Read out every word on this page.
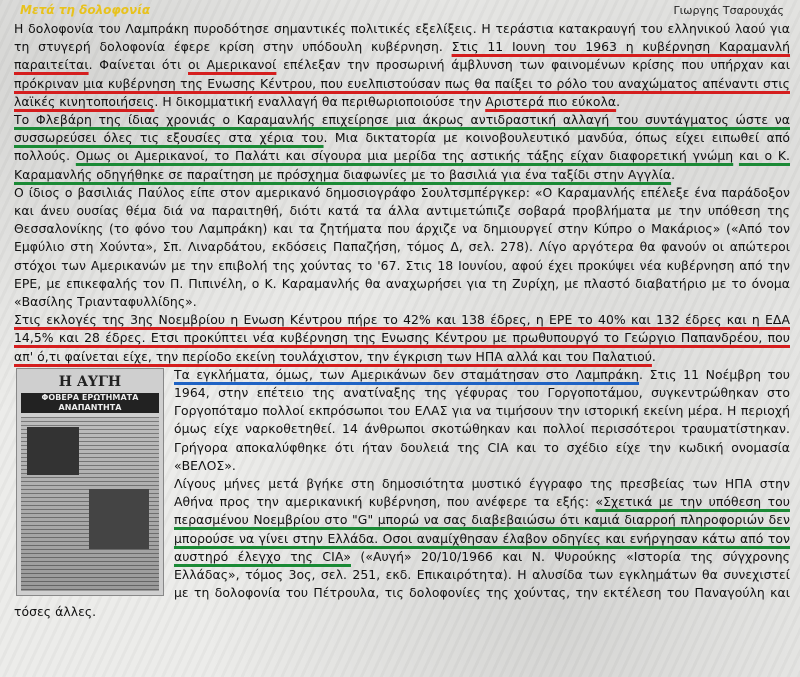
Μετά τη δολοφονία	Γιωργης Τσαρουχάς

Η δολοφονία του Λαμπράκη πυροδότησε σημαντικές πολιτικές εξελίξεις. Η τεράστια κατακραυγή του ελληνικού λαού για τη στυγερή δολοφονία έφερε κρίση στην υπόδουλη κυβέρνηση. Στις 11 Ιουνη του 1963 η κυβέρνηση Καραμανλή παραιτείται. Φαίνεται ότι οι Αμερικανοί επέλεξαν την προσωρινή άμβλυνση των φαινομένων κρίσης που υπήρχαν και πρόκριναν μια κυβέρνηση της Ενωσης Κέντρου, που ευελπιστούσαν πως θα παίξει το ρόλο του αναχώματος απέναντι στις λαϊκές κινητοποιήσεις. Η δικομματική εναλλαγή θα περιθωριοποιούσε την Αριστερά πιο εύκολα.

Το Φλεβάρη της ίδιας χρονιάς ο Καραμανλής επιχείρησε μια άκρως αντιδραστική αλλαγή του συντάγματος ώστε να συσσωρεύσει όλες τις εξουσίες στα χέρια του. Μια δικτατορία με κοινοβουλευτικό μανδύα, όπως είχει ειπωθεί από πολλούς. Ομως οι Αμερικανοί, το Παλάτι και σίγουρα μια μερίδα της αστικής τάξης είχαν διαφορετική γνώμη και ο Κ. Καραμανλής οδηγήθηκε σε παραίτηση με πρόσχημα διαφωνίες με το βασιλιά για ένα ταξίδι στην Αγγλία.

Ο ίδιος ο βασιλιάς Παύλος είπε στον αμερικανό δημοσιογράφο Σουλτσμπέργκερ: «Ο Καραμανλής επέλεξε ένα παράδοξον και άνευ ουσίας θέμα διά να παραιτηθή, διότι κατά τα άλλα αντιμετώπιζε σοβαρά προβλήματα με την υπόθεση της Θεσσαλονίκης (το φόνο του Λαμπράκη) και τα ζητήματα που άρχιζε να δημιουργεί στην Κύπρο ο Μακάριος» («Από τον Εμφύλιο στη Χούντα», Σπ. Λιναρδάτου, εκδόσεις Παπαζήση, τόμος Δ, σελ. 278). Λίγο αργότερα θα φανούν οι απώτεροι στόχοι των Αμερικανών με την επιβολή της χούντας το '67. Στις 18 Ιουνίου, αφού έχει προκύψει νέα κυβέρνηση από την ΕΡΕ, με επικεφαλής τον Π. Πιπινέλη, ο Κ. Καραμανλής θα αναχωρήσει για τη Ζυρίχη, με πλαστό διαβατήριο με το όνομα «Βασίλης Τριανταφυλλίδης».

Στις εκλογές της 3ης Νοεμβρίου η Ενωση Κέντρου πήρε το 42% και 138 έδρες, η ΕΡΕ το 40% και 132 έδρες και η ΕΔΑ 14,5% και 28 έδρες. Ετσι προκύπτει νέα κυβέρνηση της Ενωσης Κέντρου με πρωθυπουργό το Γεώργιο Παπανδρέου, που απ' ό,τι φαίνεται είχε, την περίοδο εκείνη τουλάχιστον, την έγκριση των ΗΠΑ αλλά και του Παλατιού.

Η ΑΥΓΗ
ΦΟΒΕΡΑ ΕΡΩΤΗΜΑΤΑ ΑΝΑΠΑΝΤΗΤΑ

Τα εγκλήματα, όμως, των Αμερικάνων δεν σταμάτησαν στο Λαμπράκη. Στις 11 Νοέμβρη του 1964, στην επέτειο της ανατίναξης της γέφυρας του Γοργοποτάμου, συγκεντρώθηκαν στο Γοργοπόταμο πολλοί εκπρόσωποι του ΕΛΑΣ για να τιμήσουν την ιστορική εκείνη μέρα. Η περιοχή όμως είχε ναρκοθετηθεί. 14 άνθρωποι σκοτώθηκαν και πολλοί περισσότεροι τραυματίστηκαν. Γρήγορα αποκαλύφθηκε ότι ήταν δουλειά της CIA και το σχέδιο είχε την κωδική ονομασία «ΒΕΛΟΣ».

Λίγους μήνες μετά βγήκε στη δημοσιότητα μυστικό έγγραφο της πρεσβείας των ΗΠΑ στην Αθήνα προς την αμερικανική κυβέρνηση, που ανέφερε τα εξής: «Σχετικά με την υπόθεση του περασμένου Νοεμβρίου στο "G" μπορώ να σας διαβεβαιώσω ότι καμιά διαρροή πληροφοριών δεν μπορούσε να γίνει στην Ελλάδα. Οσοι αναμίχθησαν έλαβον οδηγίες και ενήργησαν κάτω από τον αυστηρό έλεγχο της CIA» («Αυγή» 20/10/1966 και Ν. Ψυρούκης «Ιστορία της σύγχρονης Ελλάδας», τόμος 3ος, σελ. 251, εκδ. Επικαιρότητα). Η αλυσίδα των εγκλημάτων θα συνεχιστεί με τη δολοφονία του Πέτρουλα, τις δολοφονίες της χούντας, την εκτέλεση του Παναγούλη και τόσες άλλες.
